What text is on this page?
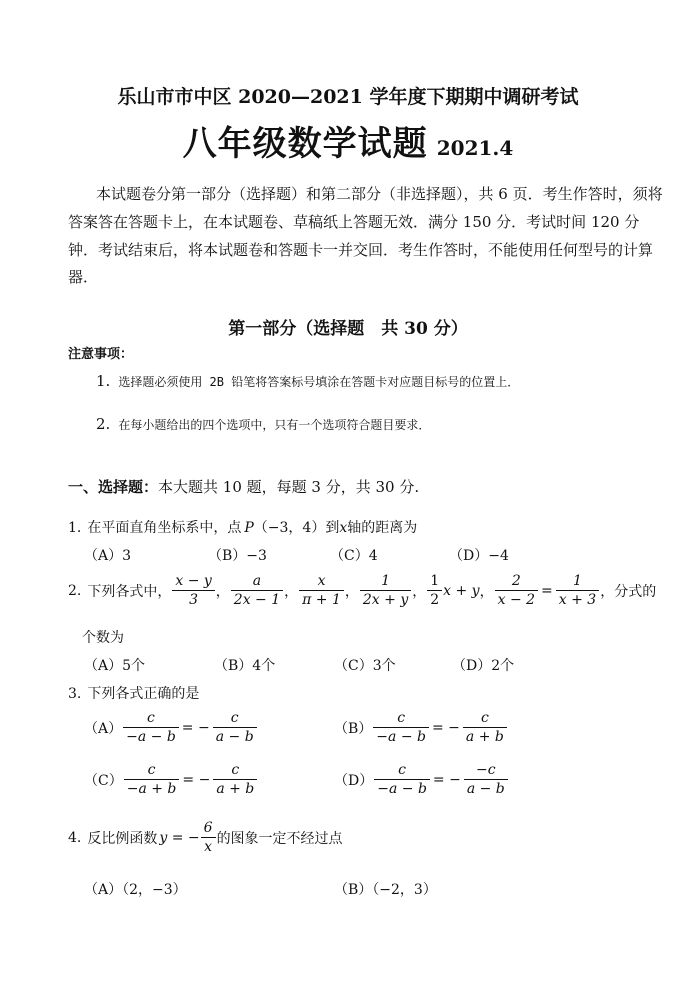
乐山市市中区 2020—2021 学年度下期期中调研考试
八年级数学试题 2021.4
本试题卷分第一部分（选择题）和第二部分（非选择题），共 6 页．考生作答时，须将
答案答在答题卡上，在本试题卷、草稿纸上答题无效．满分 150 分．考试时间 120 分
钟．考试结束后，将本试题卷和答题卡一并交回．考生作答时，不能使用任何型号的计算
器．
第一部分（选择题　共 30 分）
注意事项：
1. 选择题必须使用 2B 铅笔将答案标号填涂在答题卡对应题目标号的位置上．
2. 在每小题给出的四个选项中，只有一个选项符合题目要求．
一、选择题：本大题共 10 题，每题 3 分，共 30 分.
1. 在平面直角坐标系中，点 P（−3，4）到x轴的距离为
（A）3	（B）−3	（C）4	（D）−4
2. 下列各式中， $\frac{x - y}{3}$ ， $\frac{a}{2x - 1}$ ， $\frac{x}{\pi + 1}$ ， $\frac{1}{2x + y}$ ， $\frac{1}{2}$ x + y ， $\frac{2}{x - 2} = \frac{1}{x + 3}$ ，分式的
个数为
（A）5个	（B）4个	（C）3个	（D）2个
3. 下列各式正确的是
$(A) \frac{c}{-a - b}$ = − $\frac{c}{a - b}$	$(B) \frac{c}{-a - b}$ = − $\frac{c}{a + b}$
$(C) \frac{c}{-a + b}$ = − $\frac{c}{a + b}$	$(D) \frac{c}{-a - b}$ = − $\frac{-c}{a - b}$
4. 反比例函数 y = − $\frac{6}{x}$ 的图象一定不经过点
（A）（2，−3）	（B）（−2，3）
